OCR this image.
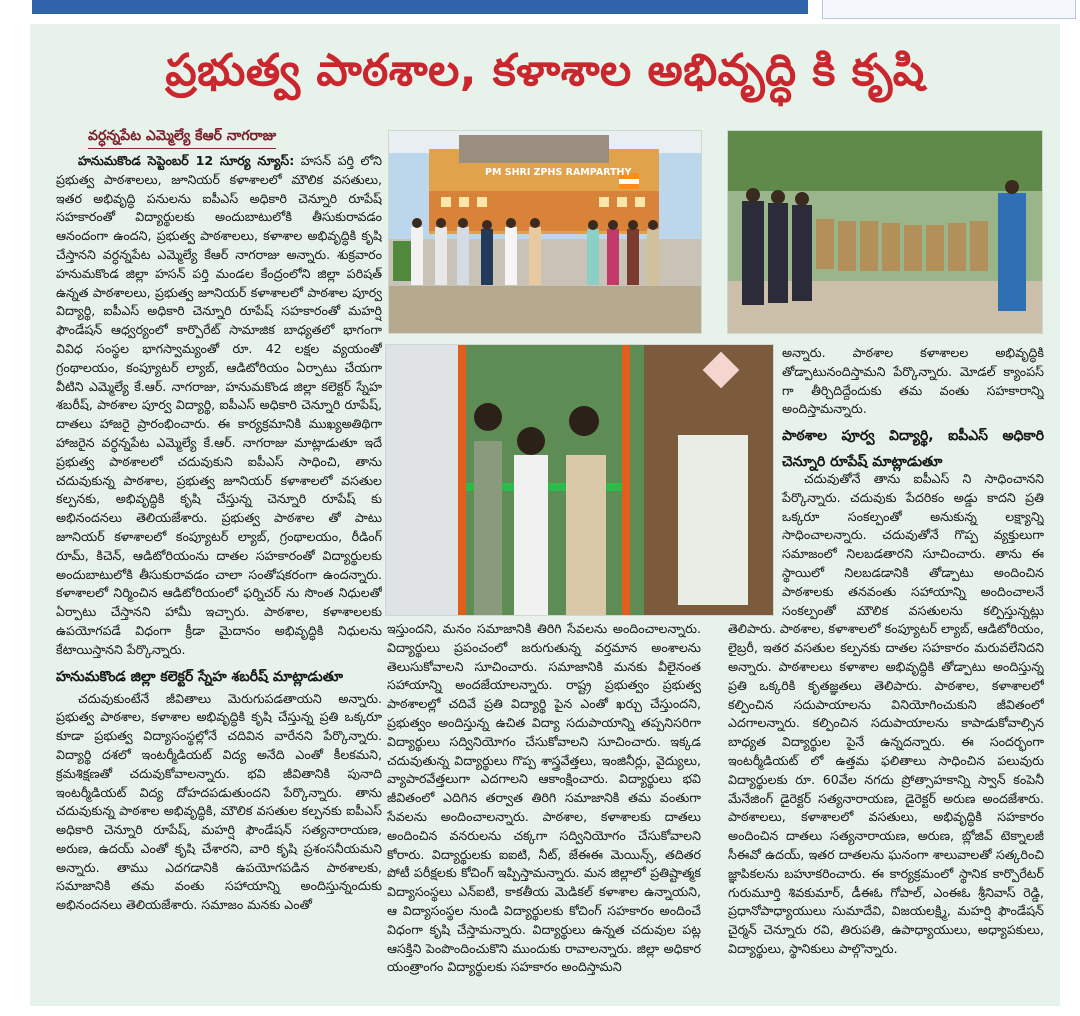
ప్రభుత్వ పాఠశాల, కళాశాల అభివృద్ధి కి కృషి
వర్ధన్నపేట ఎమ్మెల్యే కేఆర్ నాగరాజు

హనుమకొండ సెప్టెంబర్ 12 సూర్య న్యూస్: హసన్ పర్తి లోని ప్రభుత్వ పాఠశాలలు, జూనియర్ కళాశాలలో మౌలిక వసతులు, ఇతర అభివృద్ధి పనులను ఐపీఎస్ అధికారి చెన్నూరి రూపేష్ సహకారంతో విద్యార్థులకు అందుబాటులోకి తీసుకురావడం ఆనందంగా ఉందని, ప్రభుత్వ పాఠశాలలు, కళాశాల అభివృద్ధికి కృషి చేస్తానని వర్ధన్నపేట ఎమ్మెల్యే కేఆర్ నాగరాజు అన్నారు. శుక్రవారం హనుమకొండ జిల్లా హసన్ పర్తి మండల కేంద్రంలోని జిల్లా పరిషత్ ఉన్నత పాఠశాలలు, ప్రభుత్వ జూనియర్ కళాశాలలో పాఠశాల పూర్వ విద్యార్థి, ఐపీఎస్ అధికారి చెన్నూరి రూపేష్ సహకారంతో మహర్షి ఫౌండేషన్ ఆధ్వర్యంలో కార్పొరేట్ సామాజిక బాధ్యతలో భాగంగా వివిధ సంస్థల భాగస్వామ్యంతో రూ. 42 లక్షల వ్యయంతో గ్రంథాలయం, కంప్యూటర్ ల్యాబ్, ఆడిటోరియం ఏర్పాటు చేయగా వీటిని ఎమ్మెల్యే కే.ఆర్. నాగరాజు, హనుమకొండ జిల్లా కలెక్టర్ స్నేహ శబరీష్, పాఠశాల పూర్వ విద్యార్థి, ఐపీఎస్ అధికారి చెన్నూరి రూపేష్, దాతలు హాజరై ప్రారంభించారు. ఈ కార్యక్రమానికి ముఖ్యఅతిథిగా హాజరైన వర్ధన్నపేట ఎమ్మెల్యే కే.ఆర్. నాగరాజు మాట్లాడుతూ ఇదే ప్రభుత్వ పాఠశాలలో చదువుకుని ఐపీఎస్ సాధించి, తాను చదువుకున్న పాఠశాల, ప్రభుత్వ జూనియర్ కళాశాలలో వసతుల కల్పనకు, అభివృద్ధికి కృషి చేస్తున్న చెన్నూరి రూపేష్ కు అభినందనలు తెలియజేశారు. ప్రభుత్వ పాఠశాల తో పాటు జూనియర్ కళాశాలలో కంప్యూటర్ ల్యాబ్, గ్రంథాలయం, రీడింగ్ రూమ్, కిచెన్, ఆడిటోరియంను దాతల సహకారంతో విద్యార్థులకు అందుబాటులోకి తీసుకురావడం చాలా సంతోషకరంగా ఉందన్నారు. కళాశాలలో నిర్మించిన ఆడిటోరియంలో ఫర్నిచర్ ను సొంత నిధులతో ఏర్పాటు చేస్తానని హామీ ఇచ్చారు. పాఠశాల, కళాశాలలకు ఉపయోగపడే విధంగా క్రీడా మైదానం అభివృద్ధికి నిధులను కేటాయిస్తానని పేర్కొన్నారు.

హనుమకొండ జిల్లా కలెక్టర్ స్నేహ శబరీష్ మాట్లాడుతూ

చదువుకుంటేనే జీవితాలు మెరుగుపడతాయని అన్నారు. ప్రభుత్వ పాఠశాల, కళాశాల అభివృద్ధికి కృషి చేస్తున్న ప్రతి ఒక్కరూ కూడా ప్రభుత్వ విద్యాసంస్థల్లోనే చదివిన వారేనని పేర్కొన్నారు. విద్యార్థి దశలో ఇంటర్మీడియట్ విద్య అనేది ఎంతో కీలకమని, క్రమశిక్షణతో చదువుకోవాలన్నారు. భవి జీవితానికి పునాది ఇంటర్మీడియట్ విద్య దోహదపడుతుందని పేర్కొన్నారు. తాను చదువుకున్న పాఠశాల అభివృద్ధికి, మౌలిక వసతుల కల్పనకు ఐపీఎస్ అధికారి చెన్నూరి రూపేష్, మహర్షి ఫౌండేషన్ సత్యనారాయణ, అరుణ, ఉదయ్ ఎంతో కృషి చేశారని, వారి కృషి ప్రశంసనీయమని అన్నారు. తాము ఎదగడానికి ఉపయోగపడిన పాఠశాలకు, సమాజానికి తమ వంతు సహాయాన్ని అందిస్తున్నందుకు అభినందనలు తెలియజేశారు. సమాజం మనకు ఎంతో

PM SHRI ZPHS RAMPARTHY

ఇస్తుందని, మనం సమాజానికి తిరిగి సేవలను అందించాలన్నారు. విద్యార్థులు ప్రపంచంలో జరుగుతున్న వర్తమాన అంశాలను తెలుసుకోవాలని సూచించారు. సమాజానికి మనకు వీలైనంత సహాయాన్ని అందజేయాలన్నారు. రాష్ట్ర ప్రభుత్వం ప్రభుత్వ పాఠశాలల్లో చదివే ప్రతి విద్యార్థి పైన ఎంతో ఖర్చు చేస్తుందని, ప్రభుత్వం అందిస్తున్న ఉచిత విద్యా సదుపాయాన్ని తప్పనిసరిగా విద్యార్థులు సద్వినియోగం చేసుకోవాలని సూచించారు. ఇక్కడ చదువుతున్న విద్యార్థులు గొప్ప శాస్త్రవేత్తలు, ఇంజినీర్లు, వైద్యులు, వ్యాపారవేత్తలుగా ఎదగాలని ఆకాంక్షించారు. విద్యార్థులు భవి జీవితంలో ఎదిగిన తర్వాత తిరిగి సమాజానికి తమ వంతుగా సేవలను అందించాలన్నారు. పాఠశాల, కళాశాలకు దాతలు అందించిన వనరులను చక్కగా సద్వినియోగం చేసుకోవాలని కోరారు. విద్యార్థులకు ఐఐటి, నీట్, జేఈఈ మెయిన్స్, తదితర పోటీ పరీక్షలకు కోచింగ్ ఇప్పిస్తామన్నారు. మన జిల్లాలో ప్రతిష్టాత్మక విద్యాసంస్థలు ఎన్ఐటి, కాకతీయ మెడికల్ కళాశాల ఉన్నాయని, ఆ విద్యాసంస్థల నుండి విద్యార్థులకు కోచింగ్ సహకారం అందించే విధంగా కృషి చేస్తామన్నారు. విద్యార్థులు ఉన్నత చదువుల పట్ల ఆసక్తిని పెంపొందించుకొని ముందుకు రావాలన్నారు. జిల్లా అధికార యంత్రాంగం విద్యార్థులకు సహకారం అందిస్తామని

అన్నారు. పాఠశాల కళాశాలల అభివృద్ధికి తోడ్పాటునందిస్తామని పేర్కొన్నారు. మోడల్ క్యాంపస్ గా తీర్చిదిద్దేందుకు తమ వంతు సహకారాన్ని అందిస్తామన్నారు.

పాఠశాల పూర్వ విద్యార్థి, ఐపీఎస్ అధికారి చెన్నూరి రూపేష్ మాట్లాడుతూ

చదువుతోనే తాను ఐపీఎస్ ని సాధించానని పేర్కొన్నారు. చదువుకు పేదరికం అడ్డు కాదని ప్రతి ఒక్కరూ సంకల్పంతో అనుకున్న లక్ష్యాన్ని సాధించాలన్నారు. చదువుతోనే గొప్ప వ్యక్తులుగా సమాజంలో నిలబడతారని సూచించారు. తాను ఈ స్థాయిలో నిలబడడానికి తోడ్పాటు అందించిన పాఠశాలకు తనవంతు సహాయాన్ని అందించాలనే సంకల్పంతో మౌలిక వసతులను కల్పిస్తున్నట్లు తెలిపారు. పాఠశాల, కళాశాలలో కంప్యూటర్ ల్యాబ్, ఆడిటోరియం, లైబ్రరీ, ఇతర వసతుల కల్పనకు దాతల సహకారం మరువలేనిదని అన్నారు. పాఠశాలలు కళాశాల అభివృద్ధికి తోడ్పాటు అందిస్తున్న ప్రతి ఒక్కరికి కృతజ్ఞతలు తెలిపారు. పాఠశాల, కళాశాలలో కల్పించిన సదుపాయాలను వినియోగించుకుని జీవితంలో ఎదగాలన్నారు. కల్పించిన సదుపాయాలను కాపాడుకోవాల్సిన బాధ్యత విద్యార్థుల పైనే ఉన్నదన్నారు. ఈ సందర్భంగా ఇంటర్మీడియట్ లో ఉత్తమ ఫలితాలు సాధించిన పలువురు విద్యార్థులకు రూ. 60వేల నగదు ప్రోత్సాహకాన్ని స్వాన్ కంపెనీ మేనేజింగ్ డైరెక్టర్ సత్యనారాయణ, డైరెక్టర్ అరుణ అందజేశారు. పాఠశాలలు, కళాశాలలో వసతులు, అభివృద్ధికి సహకారం అందించిన దాతలు సత్యనారాయణ, అరుణ, బ్లోజివ్ టెక్నాలజీ సీఈవో ఉదయ్, ఇతర దాతలను ఘనంగా శాలువాలతో సత్కరించి జ్ఞాపికలను బహూకరించారు. ఈ కార్యక్రమంలో స్థానిక కార్పొరేటర్ గురుమూర్తి శివకుమార్, డీఈఓ గోపాల్, ఎంఈఓ శ్రీనివాస్ రెడ్డి, ప్రధానోపాధ్యాయులు సుమాదేవి, విజయలక్ష్మి, మహర్షి ఫౌండేషన్ చైర్మన్ చెన్నూరు రవి, తిరుపతి, ఉపాధ్యాయులు, అధ్యాపకులు, విద్యార్థులు, స్థానికులు పాల్గొన్నారు.
